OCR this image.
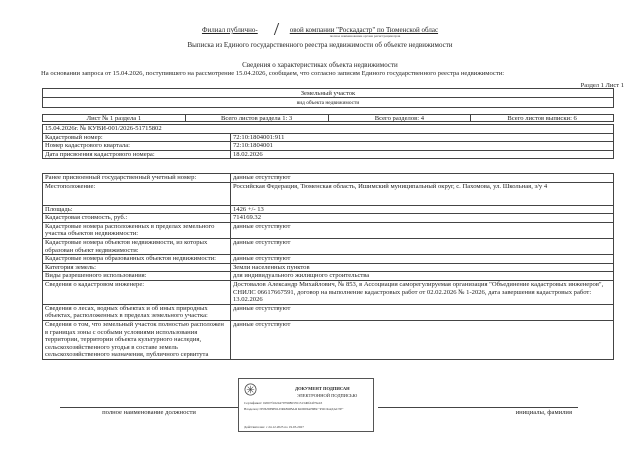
Филиал публично-	овой компании "Роскадастр" по Тюменской облас
полное наименование органа регистрации прав
Выписка из Единого государственного реестра недвижимости об объекте недвижимости
Сведения о характеристиках объекта недвижимости
На основании запроса от 15.04.2026, поступившего на рассмотрение 15.04.2026, сообщаем, что согласно записям Единого государственного реестра недвижимости:
Раздел 1 Лист 1
Земельный участок
вид объекта недвижимости
Лист № 1 раздела 1	Всего листов раздела 1: 3	Всего разделов: 4	Всего листов выписки: 6
15.04.2026г. № КУВИ-001/2026-51715802	
Кадастровый номер:	72:10:1804001:911
Номер кадастрового квартала:	72:10:1804001
Дата присвоения кадастрового номера:	18.02.2026
Ранее присвоенный государственный учетный номер:	данные отсутствуют
Местоположение:	Российская Федерация, Тюменская область, Ишимский муниципальный округ, с. Пахомова, ул. Школьная, з/у 4
Площадь:	1426 +/- 13
Кадастровая стоимость, руб.:	714169.32
Кадастровые номера расположенных в пределах земельного участка объектов недвижимости:	данные отсутствуют
Кадастровые номера объектов недвижимости, из которых образован объект недвижимости:	данные отсутствуют
Кадастровые номера образованных объектов недвижимости:	данные отсутствуют
Категория земель:	Земли населенных пунктов
Виды разрешенного использования:	для индивидуального жилищного строительства
Сведения о кадастровом инженере:	Достовалов Александр Михайлович, № 853, в Ассоциация саморегулируемая организация "Объединение кадастровых инженеров", СНИЛС 06617667591, договор на выполнение кадастровых работ от 02.02.2026 № 1-2026, дата завершения кадастровых работ: 13.02.2026
Сведения о лесах, водных объектах и об иных природных объектах, расположенных в пределах земельного участка:	данные отсутствуют
Сведения о том, что земельный участок полностью расположен в границах зоны с особыми условиями использования территории, территории объекта культурного наследия, сельскохозяйственного угодья в составе земель сельскохозяйственного назначения, публичного сервитута	данные отсутствуют
ДОКУМЕНТ ПОДПИСАН
ЭЛЕКТРОННОЙ ПОДПИСЬЮ
Сертификат: 02007f1624479790863351313d0fd4f70e43
Владелец: ПУБЛИЧНО-ПРАВОВАЯ КОМПАНИЯ "РОСКАДАСТР"
Действителен: с 24.12.2025 по 19.03.2027
полное наименование должности	инициалы, фамилия
